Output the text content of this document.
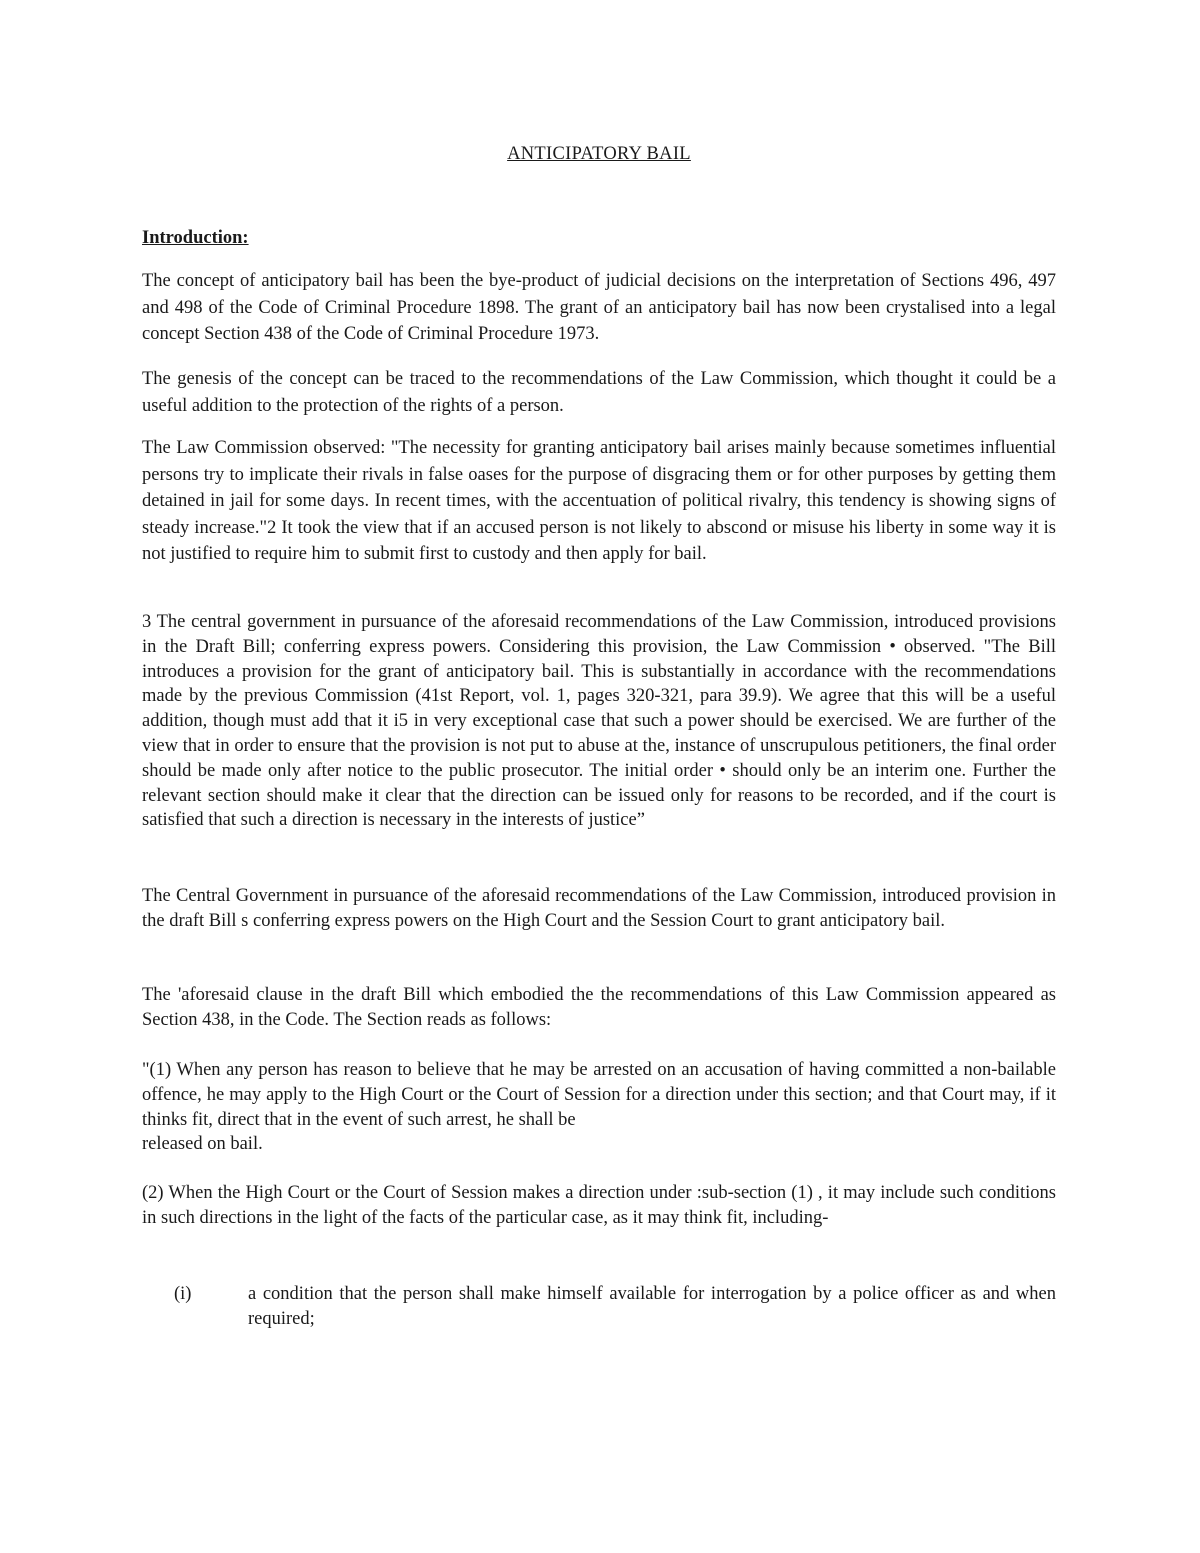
ANTICIPATORY BAIL
Introduction:

The concept of anticipatory bail has been the bye-product of judicial decisions on the interpretation of Sections 496, 497 and 498 of the Code of Criminal Procedure 1898. The grant of an anticipatory bail has now been crystalised into a legal concept Section 438 of the Code of Criminal Procedure 1973.

The genesis of the concept can be traced to the recommendations of the Law Commission, which thought it could be a useful addition to the protection of the rights of a person.

The Law Commission observed: "The necessity for granting anticipatory bail arises mainly because sometimes influential persons try to implicate their rivals in false oases for the purpose of disgracing them or for other purposes by getting them detained in jail for some days. In recent times, with the accentuation of political rivalry, this tendency is showing signs of steady increase."2 It took the view that if an accused person is not likely to abscond or misuse his liberty in some way it is not justified to require him to submit first to custody and then apply for bail.

3 The central government in pursuance of the aforesaid recommendations of the Law Commission, introduced provisions in the Draft Bill; conferring express powers. Considering this provision, the Law Commission • observed. "The Bill introduces a provision for the grant of anticipatory bail. This is substantially in accordance with the recommendations made by the previous Commission (41st Report, vol. 1, pages 320-321, para 39.9). We agree that this will be a useful addition, though must add that it i5 in very exceptional case that such a power should be exercised. We are further of the view that in order to ensure that the provision is not put to abuse at the, instance of unscrupulous petitioners, the final order should be made only after notice to the public prosecutor. The initial order • should only be an interim one. Further the relevant section should make it clear that the direction can be issued only for reasons to be recorded, and if the court is satisfied that such a direction is necessary in the interests of justice”

The Central Government in pursuance of the aforesaid recommendations of the Law Commission, introduced provision in the draft Bill s conferring express powers on the High Court and the Session Court to grant anticipatory bail.

The 'aforesaid clause in the draft Bill which embodied the the recommendations of this Law Commission appeared as Section 438, in the Code. The Section reads as follows:

"(1) When any person has reason to believe that he may be arrested on an accusation of having committed a non-bailable offence, he may apply to the High Court or the Court of Session for a direction under this section; and that Court may, if it thinks fit, direct that in the event of such arrest, he shall be
released on bail.

(2) When the High Court or the Court of Session makes a direction under :sub-section (1) , it may include such conditions in such directions in the light of the facts of the particular case, as it may think fit, including-

(i)	a condition that the person shall make himself available for interrogation by a police officer as and when required;
